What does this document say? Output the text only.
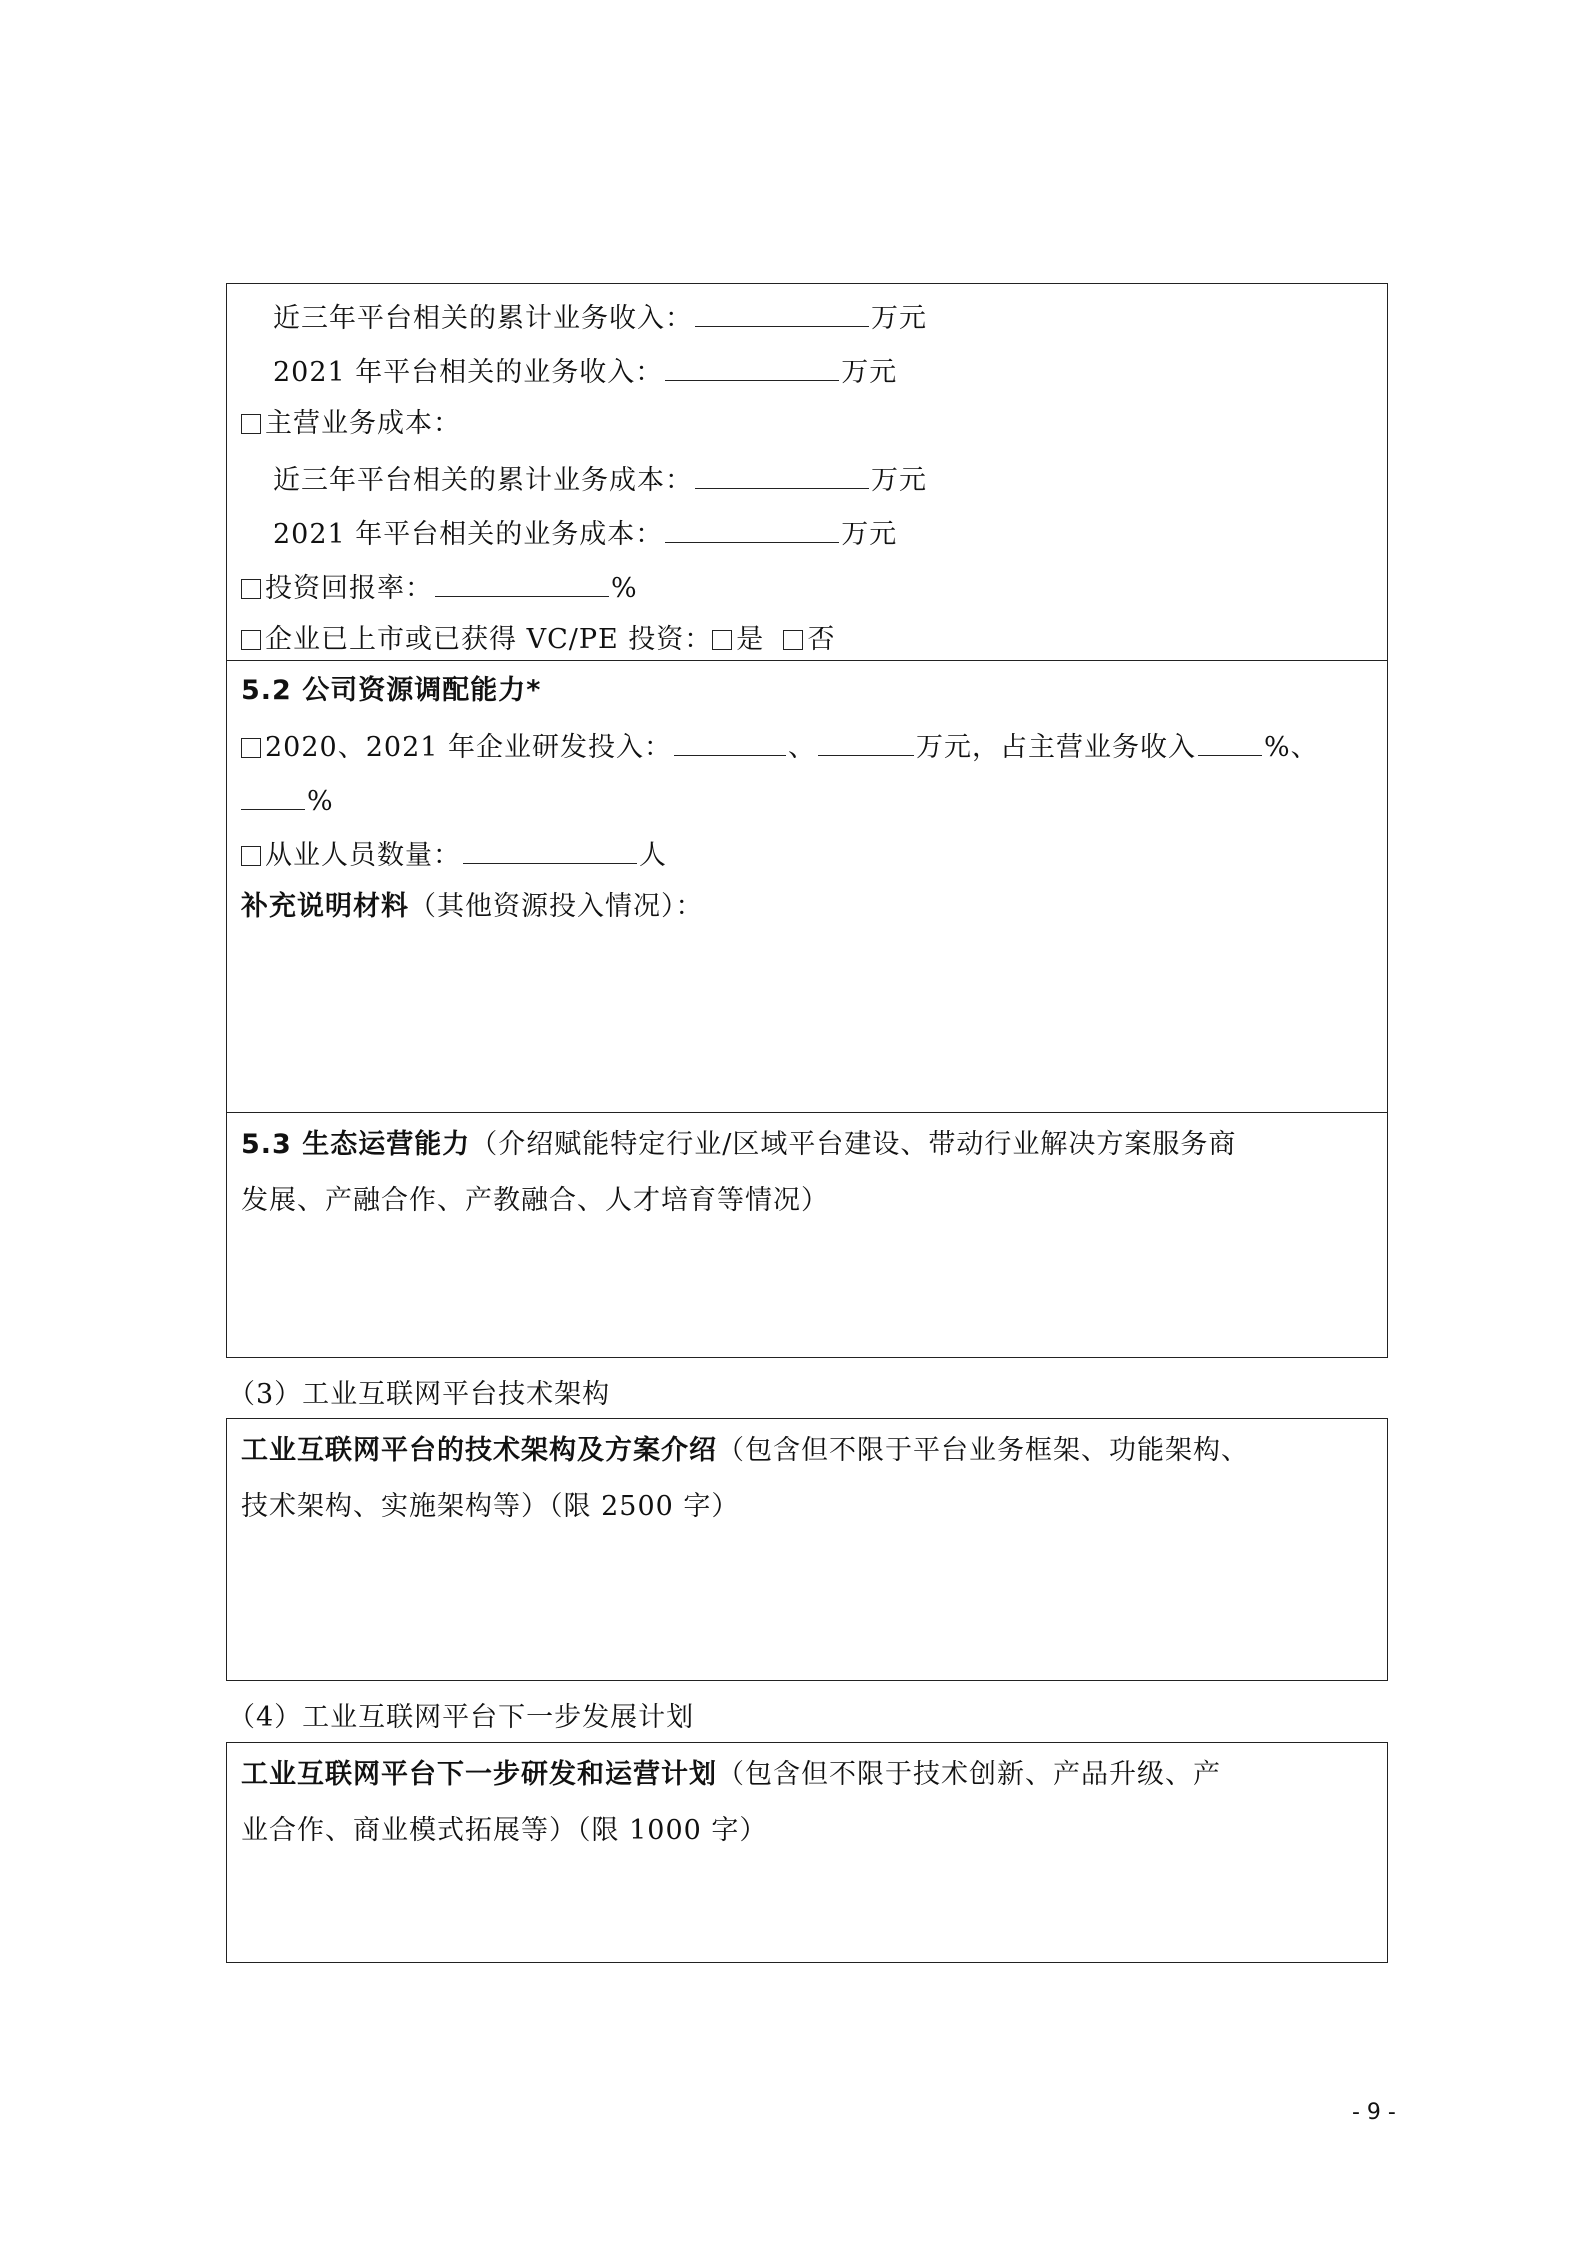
近三年平台相关的累计业务收入：	万元
2021 年平台相关的业务收入：	万元
主营业务成本：
近三年平台相关的累计业务成本：	万元
2021 年平台相关的业务成本：	万元
投资回报率：	%
企业已上市或已获得 VC/PE 投资： 是 否
5.2 公司资源调配能力*
2020、2021 年企业研发投入：	、	万元，占主营业务收入	%、
%
从业人员数量：	人
补充说明材料（其他资源投入情况）：
5.3 生态运营能力（介绍赋能特定行业/区域平台建设、带动行业解决方案服务商
发展、产融合作、产教融合、人才培育等情况）
（3）工业互联网平台技术架构
工业互联网平台的技术架构及方案介绍（包含但不限于平台业务框架、功能架构、
技术架构、实施架构等）（限 2500 字）
（4）工业互联网平台下一步发展计划
工业互联网平台下一步研发和运营计划（包含但不限于技术创新、产品升级、产
业合作、商业模式拓展等）（限 1000 字）
- 9 -
